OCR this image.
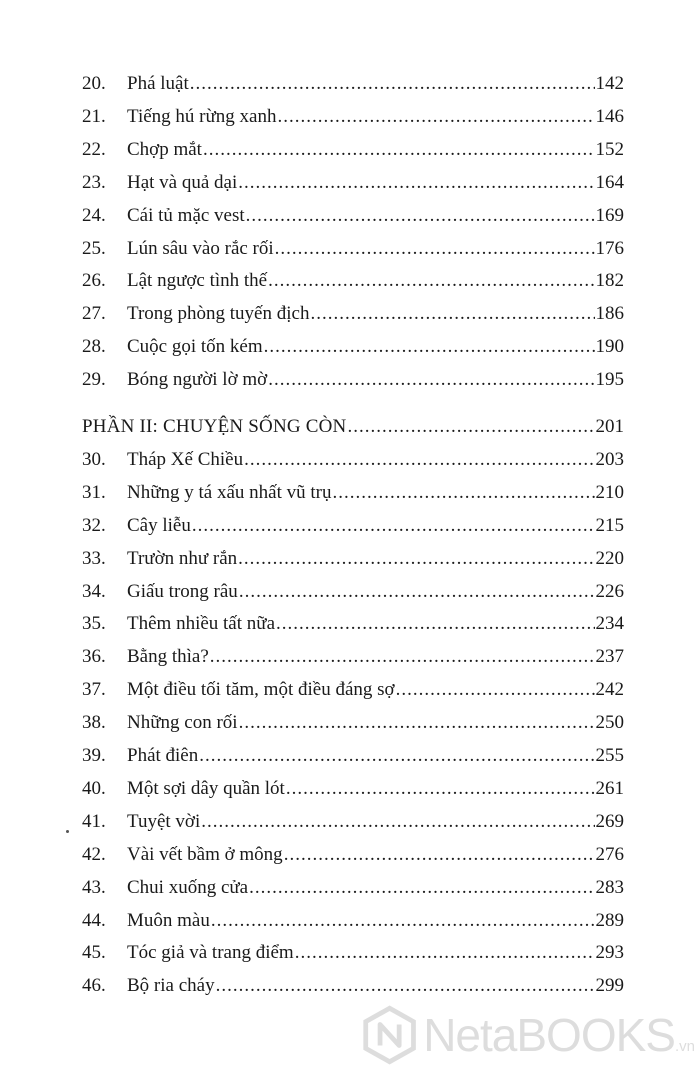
20.	Phá luật .....	142
21.	Tiếng hú rừng xanh .....	146
22.	Chợp mắt .....	152
23.	Hạt và quả dại .....	164
24.	Cái tủ mặc vest .....	169
25.	Lún sâu vào rắc rối .....	176
26.	Lật ngược tình thế .....	182
27.	Trong phòng tuyến địch .....	186
28.	Cuộc gọi tốn kém .....	190
29.	Bóng người lờ mờ .....	195
PHẦN II: CHUYỆN SỐNG CÒN .....	201
30.	Tháp Xế Chiều .....	203
31.	Những y tá xấu nhất vũ trụ .....	210
32.	Cây liễu .....	215
33.	Trườn như rắn .....	220
34.	Giấu trong râu .....	226
35.	Thêm nhiều tất nữa .....	234
36.	Bằng thìa? .....	237
37.	Một điều tối tăm, một điều đáng sợ .....	242
38.	Những con rối .....	250
39.	Phát điên .....	255
40.	Một sợi dây quần lót .....	261
41.	Tuyệt vời .....	269
42.	Vài vết bầm ở mông .....	276
43.	Chui xuống cửa .....	283
44.	Muôn màu .....	289
45.	Tóc giả và trang điểm .....	293
46.	Bộ ria cháy .....	299
NetaBOOKS.vn
